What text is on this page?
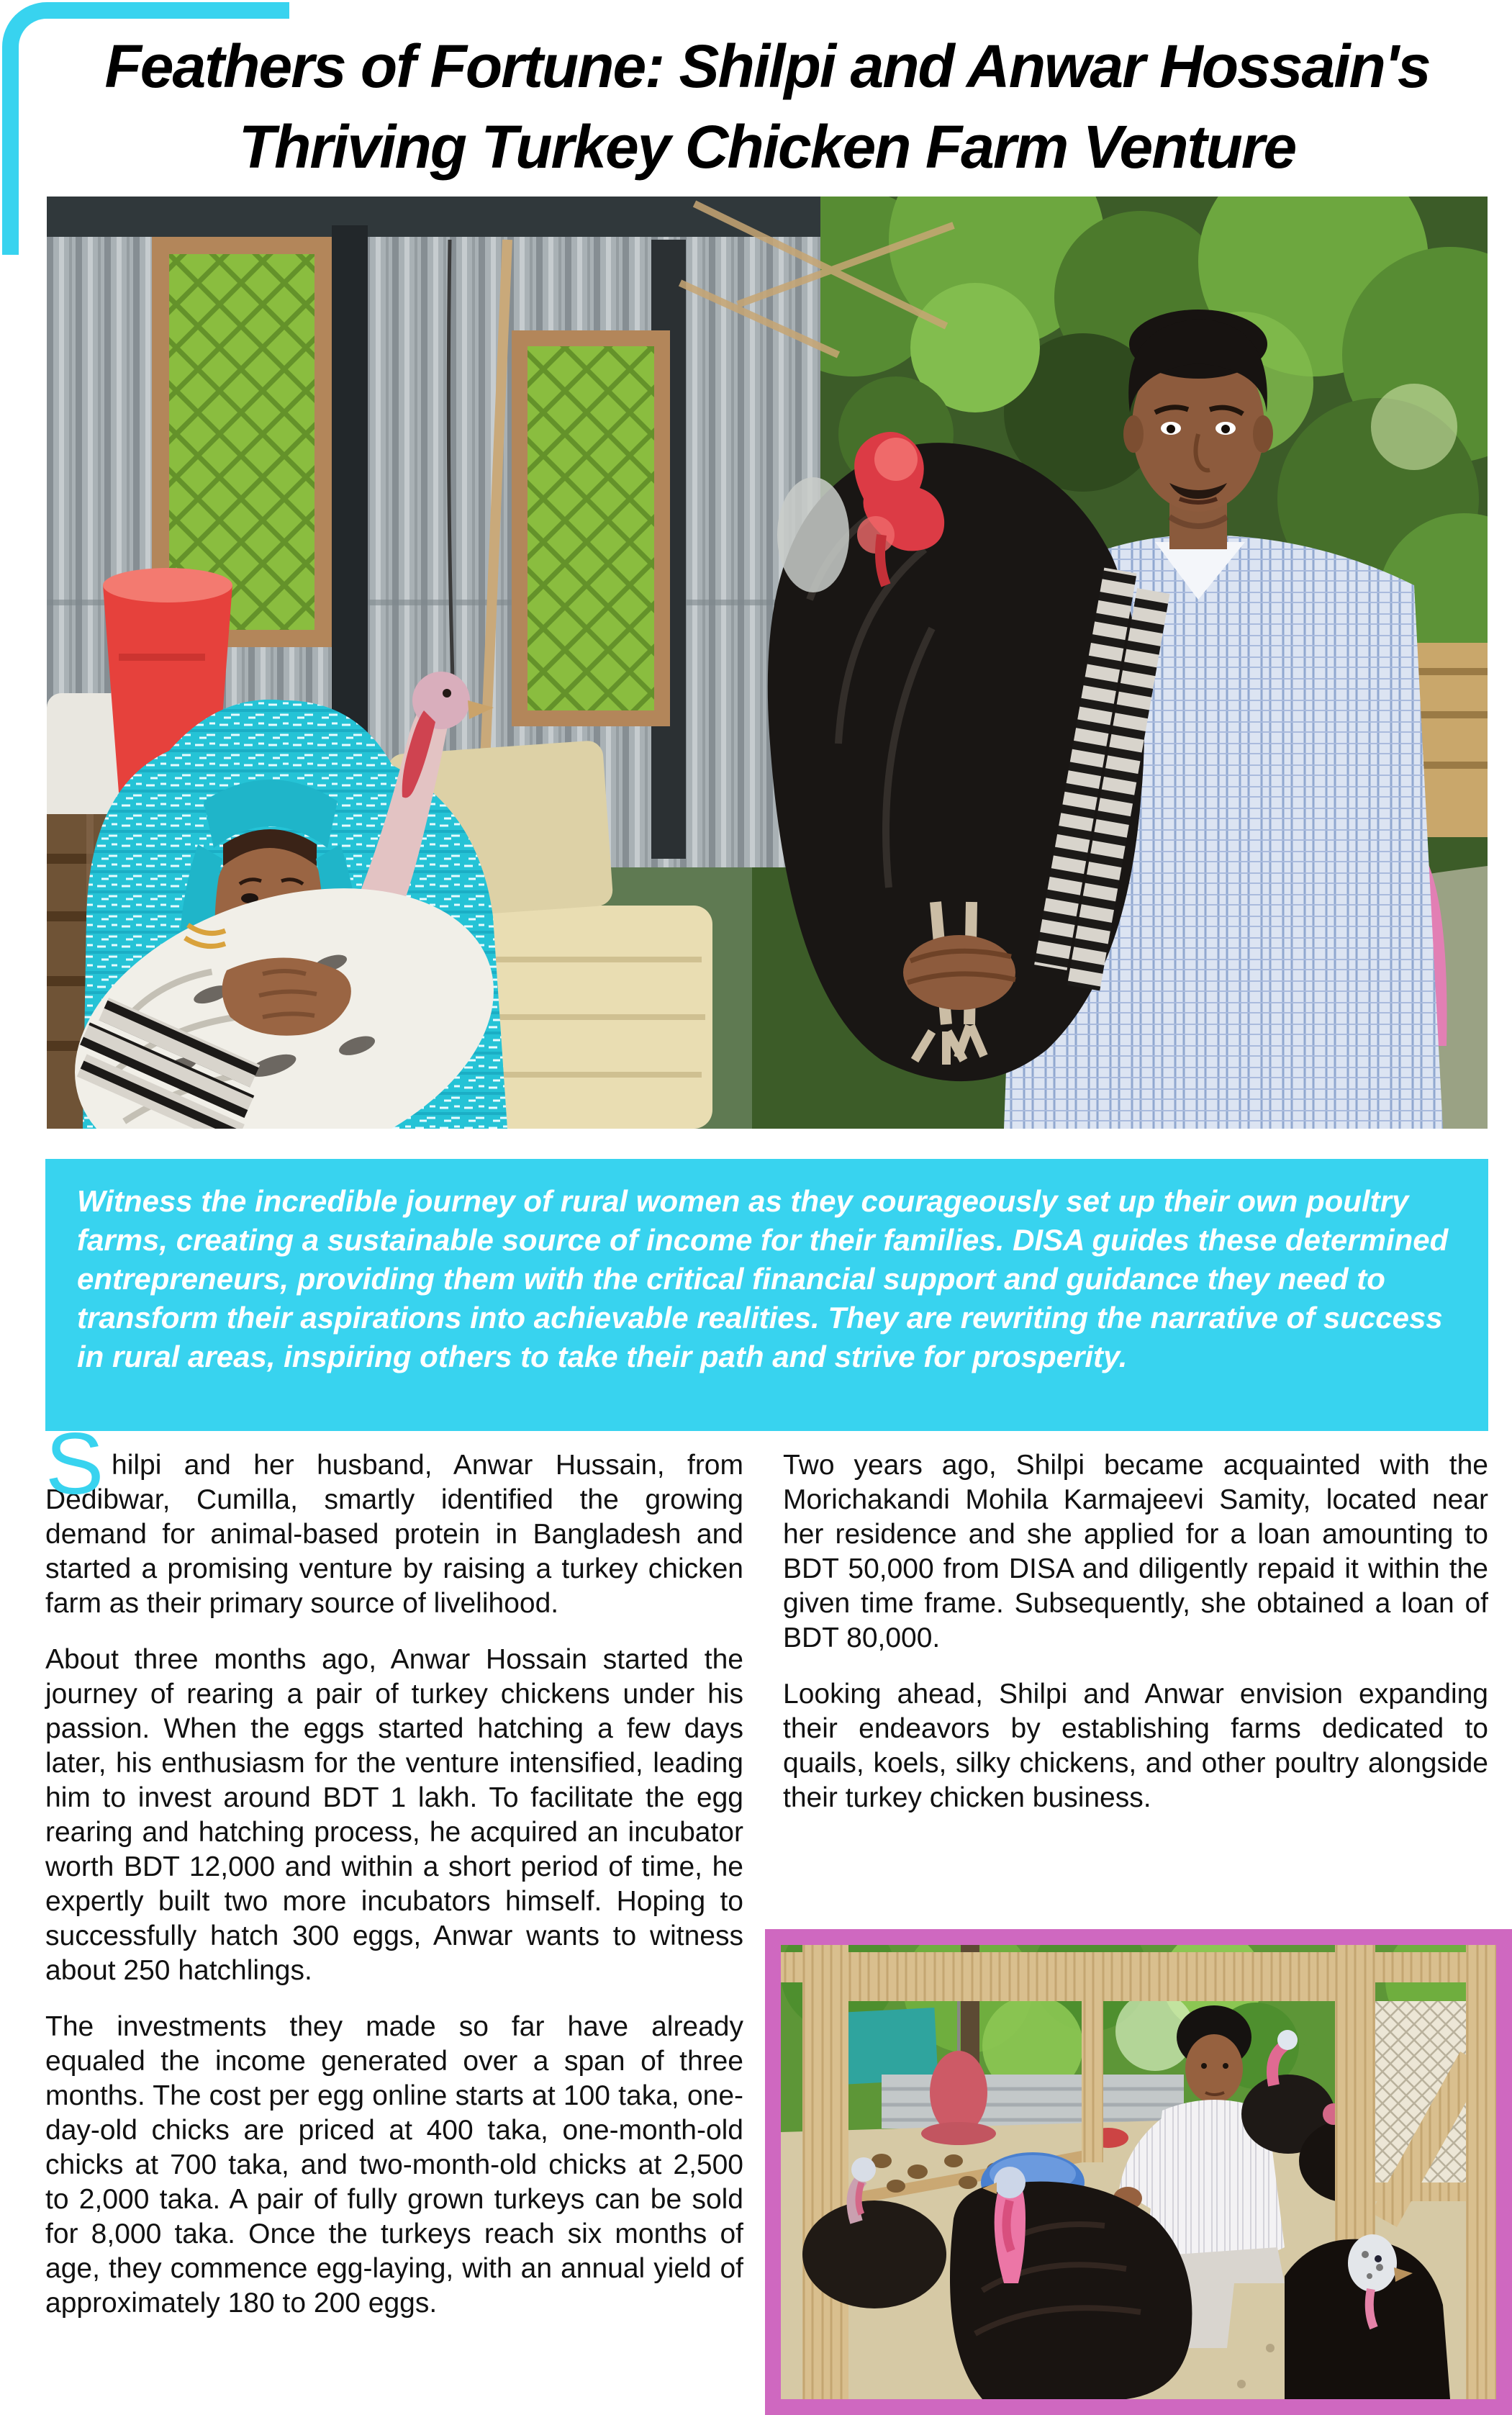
Feathers of Fortune: Shilpi and Anwar Hossain's
Thriving Turkey Chicken Farm Venture

Witness the incredible journey of rural women as they courageously set up their own poultry farms, creating a sustainable source of income for their families. DISA guides these determined entrepreneurs, providing them with the critical financial support and guidance they need to transform their aspirations into achievable realities. They are rewriting the narrative of success in rural areas, inspiring others to take their path and strive for prosperity.

S hilpi and her husband, Anwar Hussain, from Dedibwar, Cumilla, smartly identified the growing demand for animal-based protein in Bangladesh and started a promising venture by raising a turkey chicken farm as their primary source of livelihood.

About three months ago, Anwar Hossain started the journey of rearing a pair of turkey chickens under his passion. When the eggs started hatching a few days later, his enthusiasm for the venture intensified, leading him to invest around BDT 1 lakh. To facilitate the egg rearing and hatching process, he acquired an incubator worth BDT 12,000 and within a short period of time, he expertly built two more incubators himself. Hoping to successfully hatch 300 eggs, Anwar wants to witness about 250 hatchlings.

The investments they made so far have already equaled the income generated over a span of three months. The cost per egg online starts at 100 taka, one-day-old chicks are priced at 400 taka, one-month-old chicks at 700 taka, and two-month-old chicks at 2,500 to 2,000 taka. A pair of fully grown turkeys can be sold for 8,000 taka. Once the turkeys reach six months of age, they commence egg-laying, with an annual yield of approximately 180 to 200 eggs.

Two years ago, Shilpi became acquainted with the Morichakandi Mohila Karmajeevi Samity, located near her residence and she applied for a loan amounting to BDT 50,000 from DISA and diligently repaid it within the given time frame. Subsequently, she obtained a loan of BDT 80,000.

Looking ahead, Shilpi and Anwar envision expanding their endeavors by establishing farms dedicated to quails, koels, silky chickens, and other poultry alongside their turkey chicken business.
